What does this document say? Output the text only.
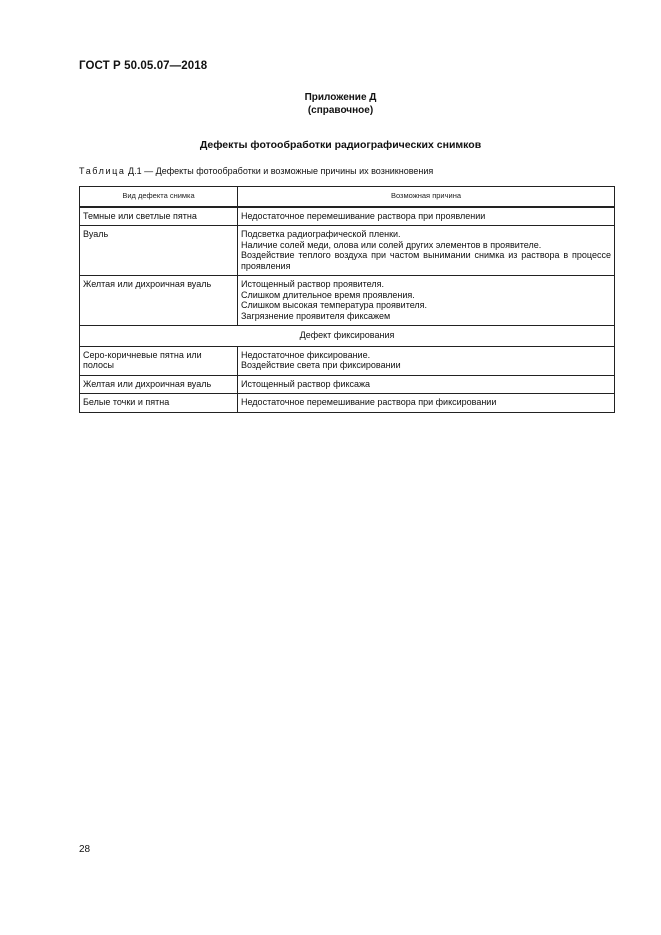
ГОСТ Р 50.05.07—2018
Приложение Д
(справочное)
Дефекты фотообработки радиографических снимков
Таблица Д.1 — Дефекты фотообработки и возможные причины их возникновения
Вид дефекта снимка	Возможная причина
Темные или светлые пятна	Недостаточное перемешивание раствора при проявлении

Вуаль	Подсветка радиографической пленки.
Наличие солей меди, олова или солей других элементов в проявителе.
Воздействие теплого воздуха при частом вынимании снимка из раствора в процессе проявления

Желтая или дихроичная вуаль	Истощенный раствор проявителя.
Слишком длительное время проявления.
Слишком высокая температура проявителя.
Загрязнение проявителя фиксажем

Дефект фиксирования	
Серо-коричневые пятна или полосы	Недостаточное фиксирование.
Воздействие света при фиксировании

Желтая или дихроичная вуаль	Истощенный раствор фиксажа

Белые точки и пятна	Недостаточное перемешивание раствора при фиксировании
28
